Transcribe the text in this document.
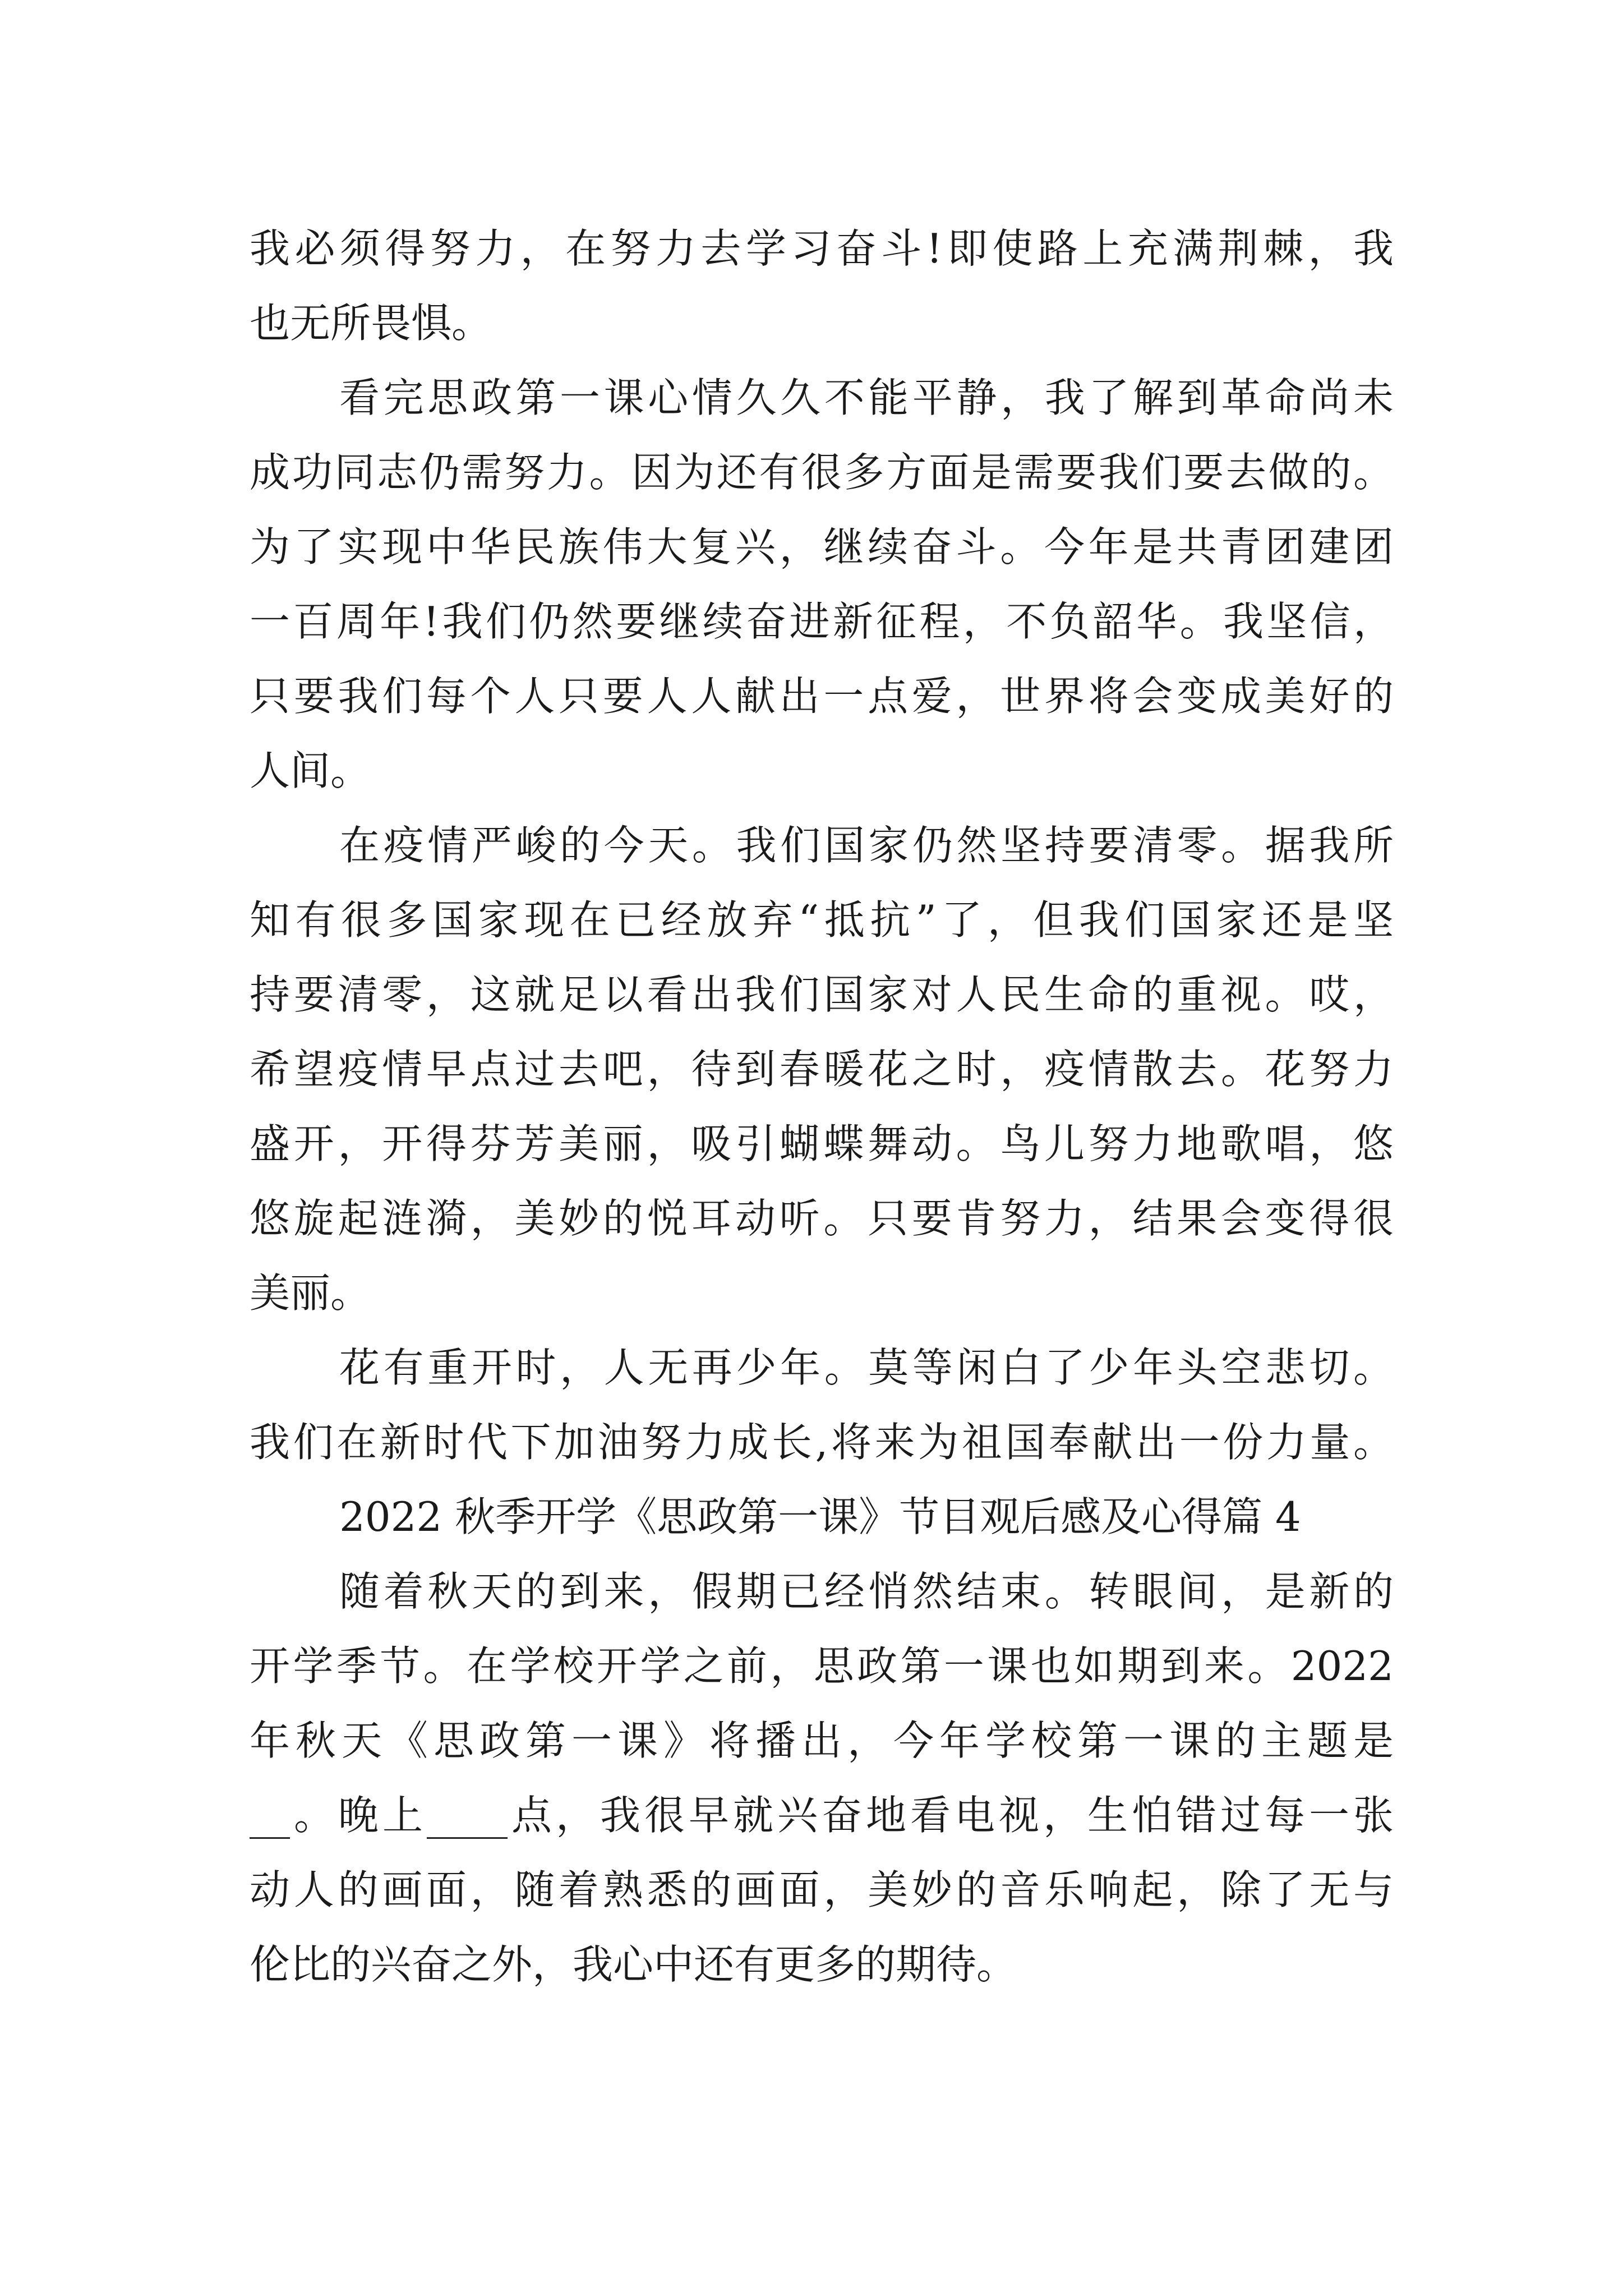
我必须得努力，在努力去学习奋斗!即使路上充满荆棘，我
也无所畏惧。
看完思政第一课心情久久不能平静，我了解到革命尚未
成功同志仍需努力。因为还有很多方面是需要我们要去做的。
为了实现中华民族伟大复兴，继续奋斗。今年是共青团建团
一百周年!我们仍然要继续奋进新征程，不负韶华。我坚信，
只要我们每个人只要人人献出一点爱，世界将会变成美好的
人间。
在疫情严峻的今天。我们国家仍然坚持要清零。据我所
知有很多国家现在已经放弃“抵抗”了，但我们国家还是坚
持要清零，这就足以看出我们国家对人民生命的重视。哎，
希望疫情早点过去吧，待到春暖花之时，疫情散去。花努力
盛开，开得芬芳美丽，吸引蝴蝶舞动。鸟儿努力地歌唱，悠
悠旋起涟漪，美妙的悦耳动听。只要肯努力，结果会变得很
美丽。
花有重开时，人无再少年。莫等闲白了少年头空悲切。
我们在新时代下加油努力成长,将来为祖国奉献出一份力量。
2022 秋季开学《思政第一课》节目观后感及心得篇 4
随着秋天的到来，假期已经悄然结束。转眼间，是新的
开学季节。在学校开学之前，思政第一课也如期到来。2022
年秋天《思政第一课》将播出，今年学校第一课的主题是
__。晚上____点，我很早就兴奋地看电视，生怕错过每一张
动人的画面，随着熟悉的画面，美妙的音乐响起，除了无与
伦比的兴奋之外，我心中还有更多的期待。
